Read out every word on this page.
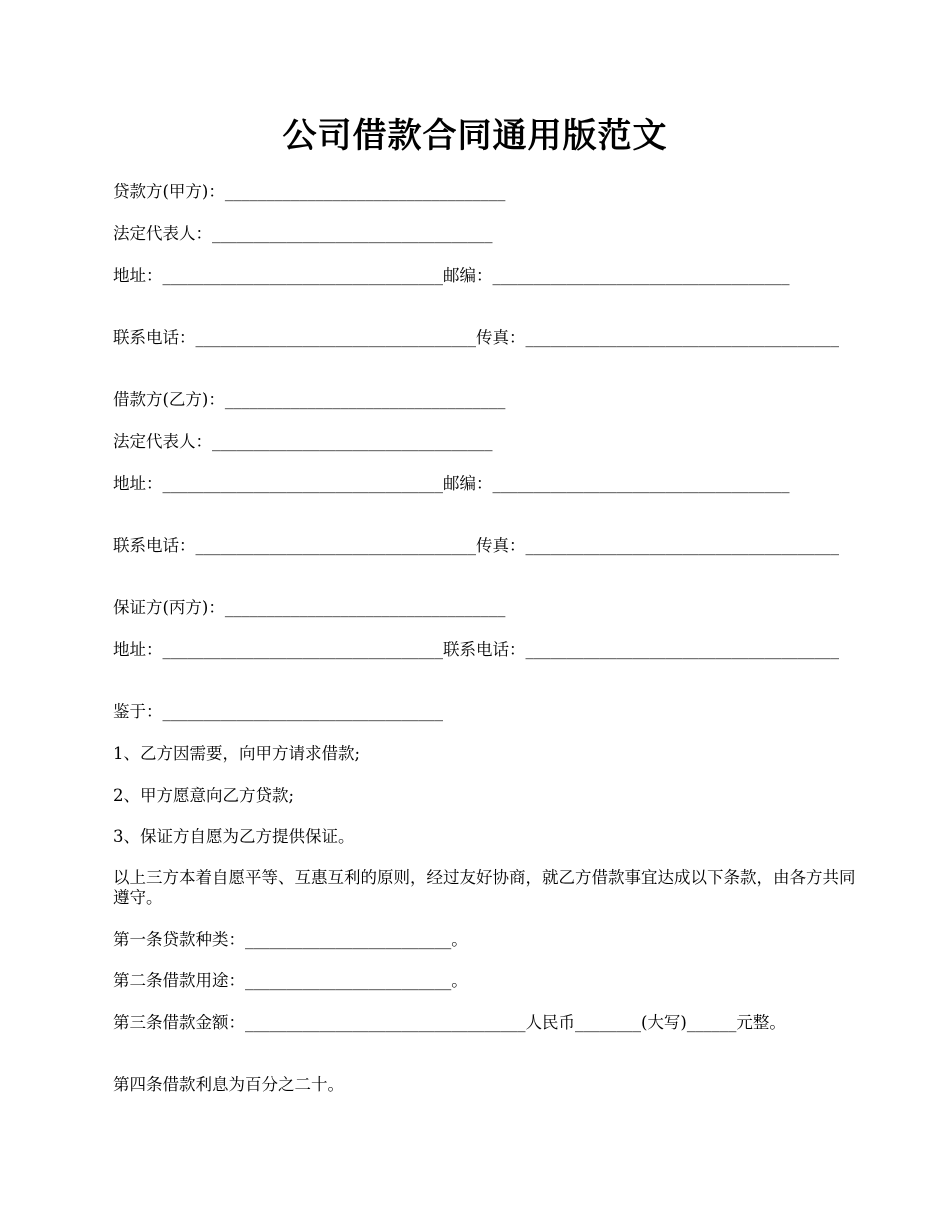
公司借款合同通用版范文
贷款方(甲方)：__________________________________
法定代表人：__________________________________
地址：__________________________________邮编：____________________________________
联系电话：__________________________________传真：______________________________________
借款方(乙方)：__________________________________
法定代表人：__________________________________
地址：__________________________________邮编：____________________________________
联系电话：__________________________________传真：______________________________________
保证方(丙方)：__________________________________
地址：__________________________________联系电话：______________________________________
鉴于：__________________________________
1、乙方因需要，向甲方请求借款;
2、甲方愿意向乙方贷款;
3、保证方自愿为乙方提供保证。
以上三方本着自愿平等、互惠互利的原则，经过友好协商，就乙方借款事宜达成以下条款，由各方共同遵守。
第一条贷款种类：_________________________。
第二条借款用途：_________________________。
第三条借款金额：__________________________________人民币________(大写)______元整。
第四条借款利息为百分之二十。
